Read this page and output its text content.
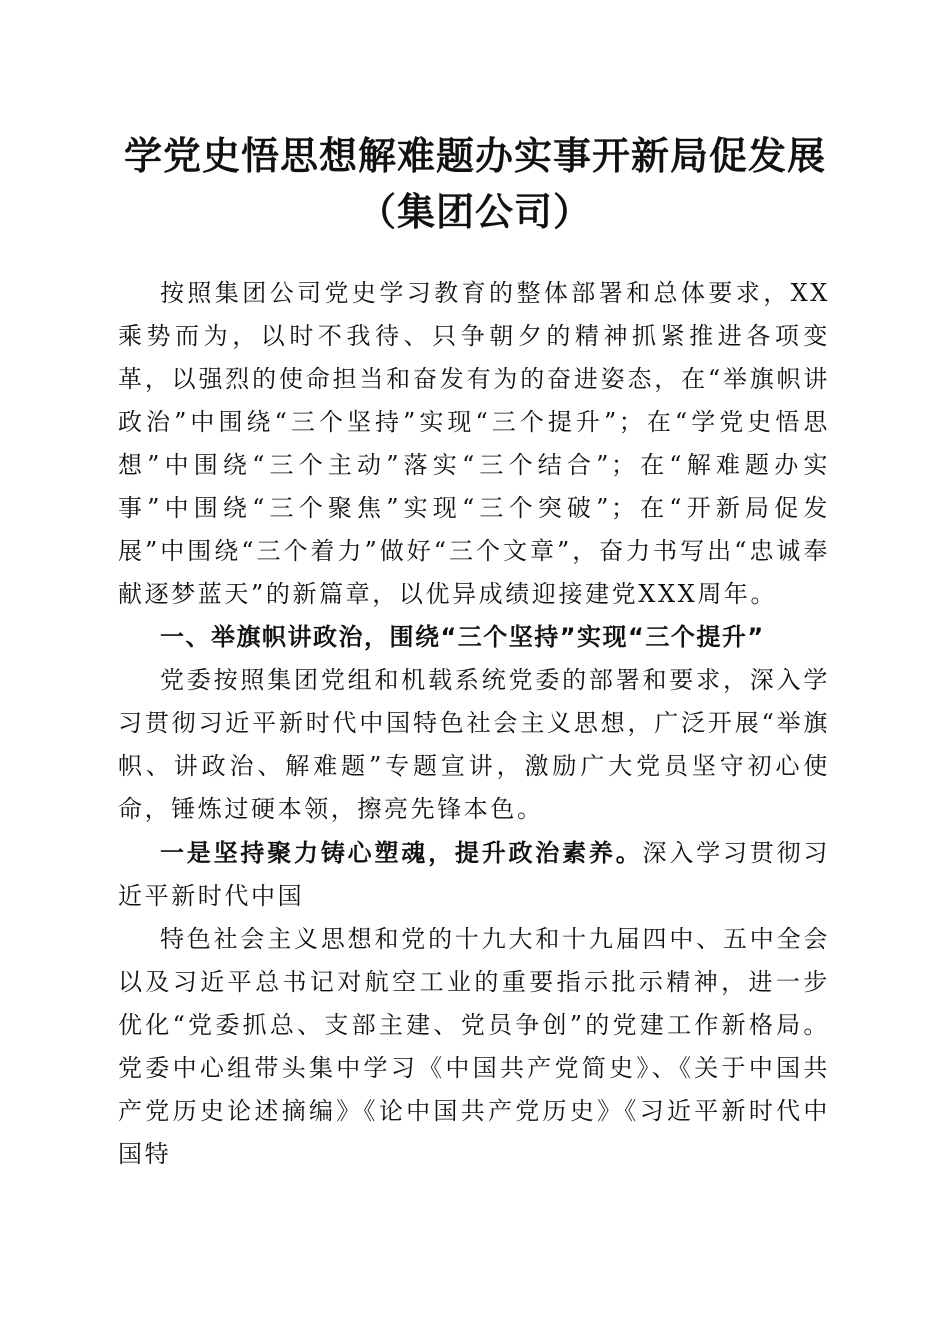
学党史悟思想解难题办实事开新局促发展（集团公司）

按照集团公司党史学习教育的整体部署和总体要求，XX乘势而为，以时不我待、只争朝夕的精神抓紧推进各项变革，以强烈的使命担当和奋发有为的奋进姿态，在“举旗帜讲政治”中围绕“三个坚持”实现“三个提升”；在“学党史悟思想”中围绕“三个主动”落实“三个结合”；在“解难题办实事”中围绕“三个聚焦”实现“三个突破”；在“开新局促发展”中围绕“三个着力”做好“三个文章”，奋力书写出“忠诚奉献逐梦蓝天”的新篇章，以优异成绩迎接建党XXX周年。

一、举旗帜讲政治，围绕“三个坚持”实现“三个提升”

党委按照集团党组和机载系统党委的部署和要求，深入学习贯彻习近平新时代中国特色社会主义思想，广泛开展“举旗帜、讲政治、解难题”专题宣讲，激励广大党员坚守初心使命，锤炼过硬本领，擦亮先锋本色。

一是坚持聚力铸心塑魂，提升政治素养。深入学习贯彻习近平新时代中国

特色社会主义思想和党的十九大和十九届四中、五中全会以及习近平总书记对航空工业的重要指示批示精神，进一步优化“党委抓总、支部主建、党员争创”的党建工作新格局。党委中心组带头集中学习《中国共产党简史》、《关于中国共产党历史论述摘编》《论中国共产党历史》《习近平新时代中国特
